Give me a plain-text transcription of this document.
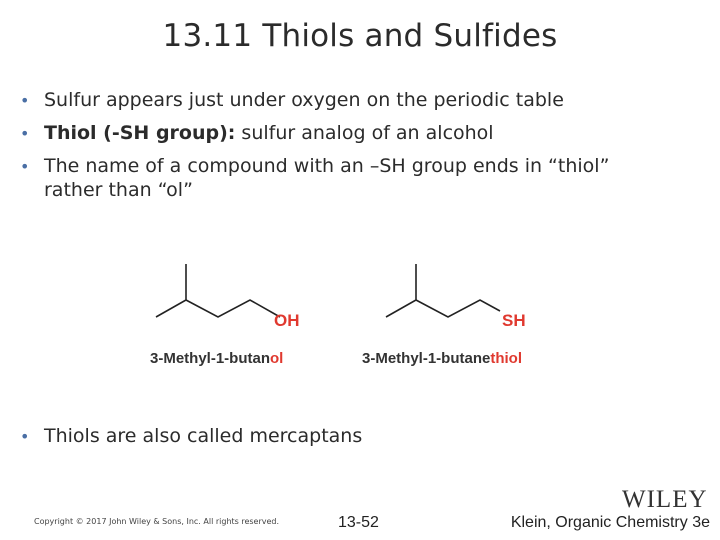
13.11 Thiols and Sulfides
• Sulfur appears just under oxygen on the periodic table
• Thiol (-SH group): sulfur analog of an alcohol
• The name of a compound with an –SH group ends in “thiol”
rather than “ol”
OH
3-Methyl-1-butanol
SH
3-Methyl-1-butanethiol
• Thiols are also called mercaptans
Copyright © 2017 John Wiley & Sons, Inc. All rights reserved.	13-52
WILEY
Klein, Organic Chemistry 3e
